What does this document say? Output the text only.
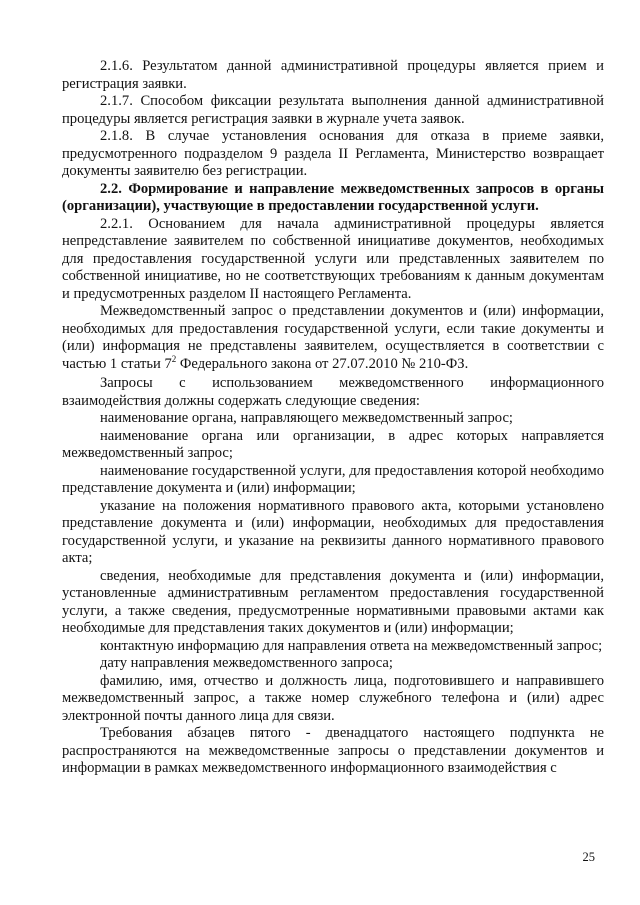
2.1.6. Результатом данной административной процедуры является прием и регистрация заявки.

2.1.7. Способом фиксации результата выполнения данной административной процедуры является регистрация заявки в журнале учета заявок.

2.1.8. В случае установления основания для отказа в приеме заявки, предусмотренного подразделом 9 раздела II Регламента, Министерство возвращает документы заявителю без регистрации.

2.2. Формирование и направление межведомственных запросов в органы (организации), участвующие в предоставлении государственной услуги.

2.2.1. Основанием для начала административной процедуры является непредставление заявителем по собственной инициативе документов, необходимых для предоставления государственной услуги или представленных заявителем по собственной инициативе, но не соответствующих требованиям к данным документам и предусмотренных разделом II настоящего Регламента.

Межведомственный запрос о представлении документов и (или) информации, необходимых для предоставления государственной услуги, если такие документы и (или) информация не представлены заявителем, осуществляется в соответствии с частью 1 статьи $7^2$ Федерального закона от 27.07.2010 № 210-ФЗ.

Запросы с использованием межведомственного информационного взаимодействия должны содержать следующие сведения:

наименование органа, направляющего межведомственный запрос;

наименование органа или организации, в адрес которых направляется межведомственный запрос;

наименование государственной услуги, для предоставления которой необходимо представление документа и (или) информации;

указание на положения нормативного правового акта, которыми установлено представление документа и (или) информации, необходимых для предоставления государственной услуги, и указание на реквизиты данного нормативного правового акта;

сведения, необходимые для представления документа и (или) информации, установленные административным регламентом предоставления государственной услуги, а также сведения, предусмотренные нормативными правовыми актами как необходимые для представления таких документов и (или) информации;

контактную информацию для направления ответа на межведомственный запрос;

дату направления межведомственного запроса;

фамилию, имя, отчество и должность лица, подготовившего и направившего межведомственный запрос, а также номер служебного телефона и (или) адрес электронной почты данного лица для связи.

Требования абзацев пятого - двенадцатого настоящего подпункта не распространяются на межведомственные запросы о представлении документов и информации в рамках межведомственного информационного взаимодействия с

25
